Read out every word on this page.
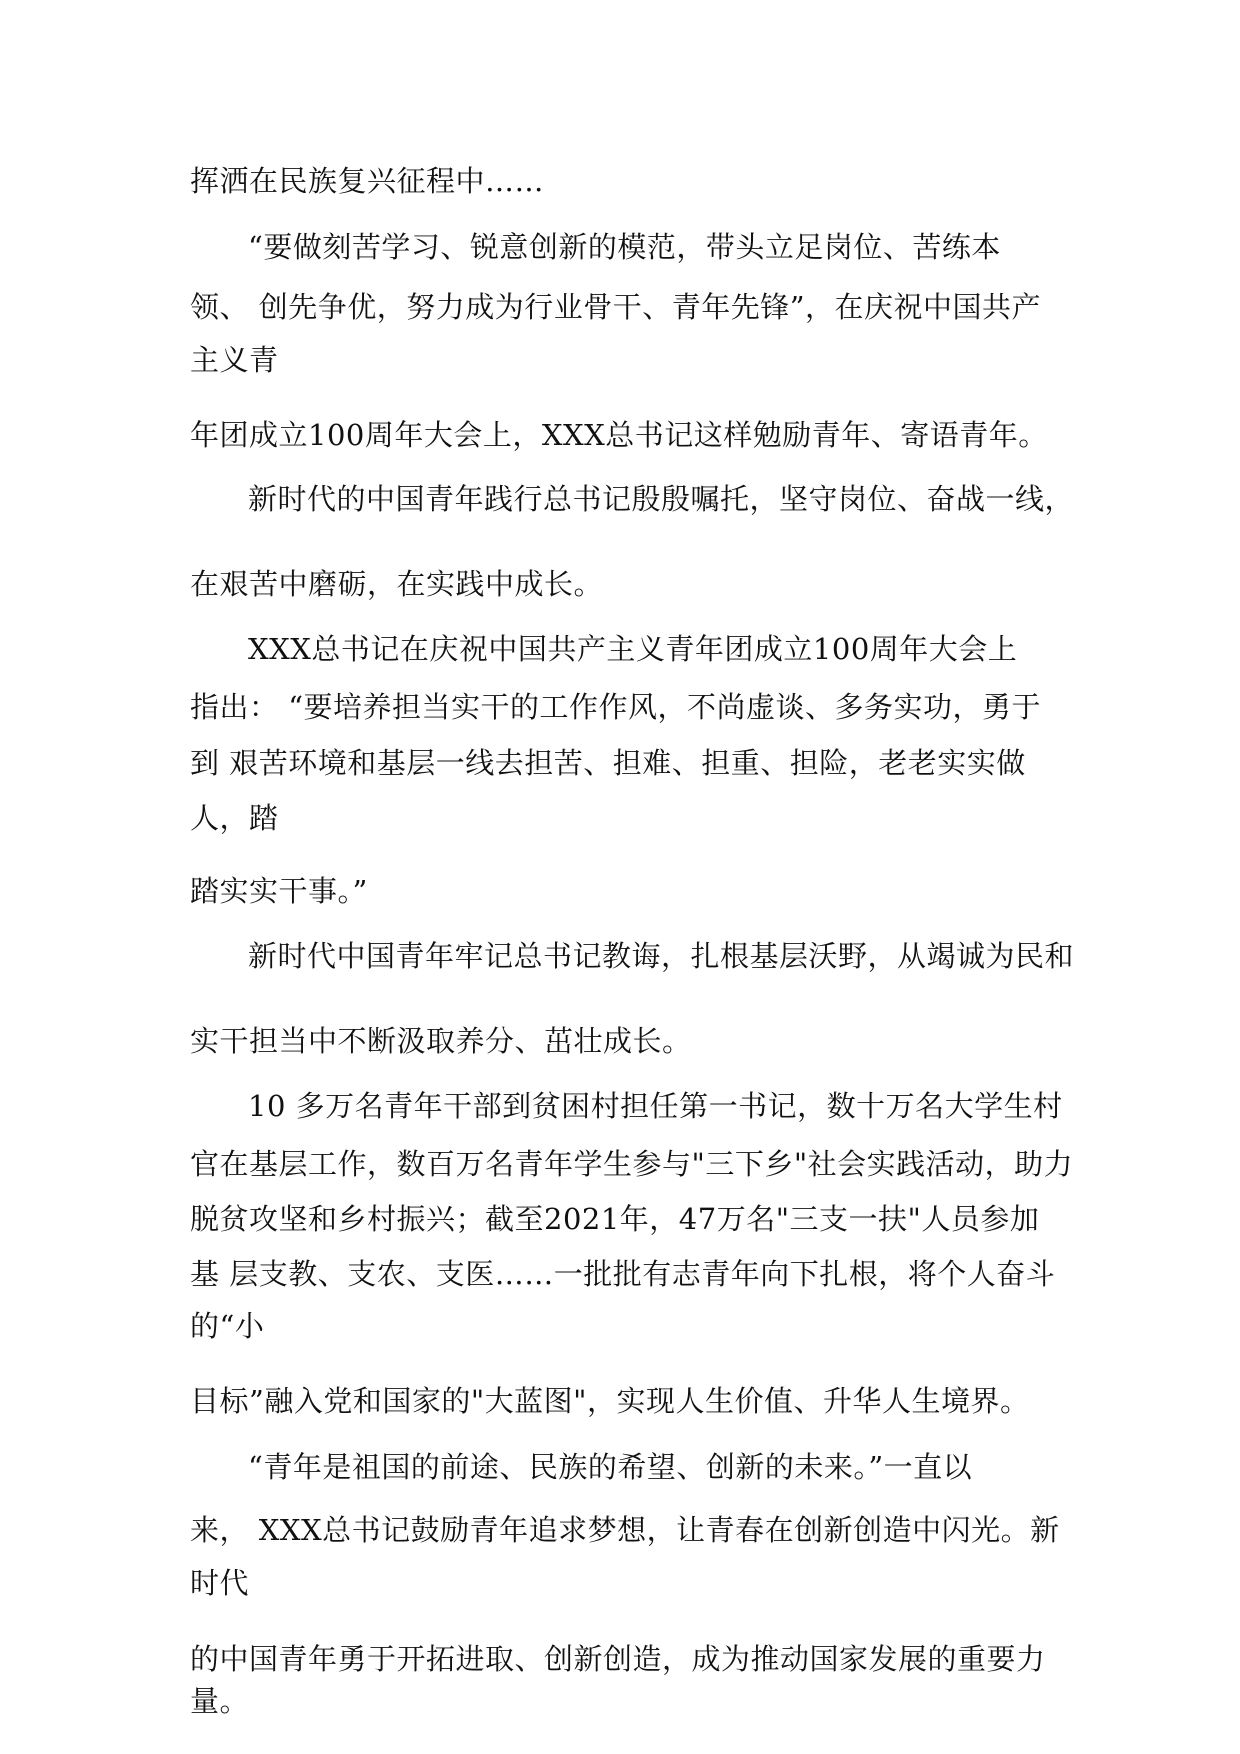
挥洒在民族复兴征程中……
“要做刻苦学习、锐意创新的模范，带头立足岗位、苦练本
领、 创先争优，努力成为行业骨干、青年先锋”，在庆祝中国共产
主义青
年团成立100周年大会上，XXX总书记这样勉励青年、寄语青年。
新时代的中国青年践行总书记殷殷嘱托，坚守岗位、奋战一线，
在艰苦中磨砺，在实践中成长。
XXX总书记在庆祝中国共产主义青年团成立100周年大会上
指出： “要培养担当实干的工作作风，不尚虚谈、多务实功，勇于
到 艰苦环境和基层一线去担苦、担难、担重、担险，老老实实做
人，踏
踏实实干事。”
新时代中国青年牢记总书记教诲，扎根基层沃野，从竭诚为民和
实干担当中不断汲取养分、茁壮成长。
10 多万名青年干部到贫困村担任第一书记，数十万名大学生村
官在基层工作，数百万名青年学生参与"三下乡"社会实践活动，助力
脱贫攻坚和乡村振兴；截至2021年，47万名"三支一扶"人员参加
基 层支教、支农、支医……一批批有志青年向下扎根，将个人奋斗
的“小
目标”融入党和国家的"大蓝图"，实现人生价值、升华人生境界。
“青年是祖国的前途、民族的希望、创新的未来。”一直以
来， XXX总书记鼓励青年追求梦想，让青春在创新创造中闪光。新
时代
的中国青年勇于开拓进取、创新创造，成为推动国家发展的重要力
量。
